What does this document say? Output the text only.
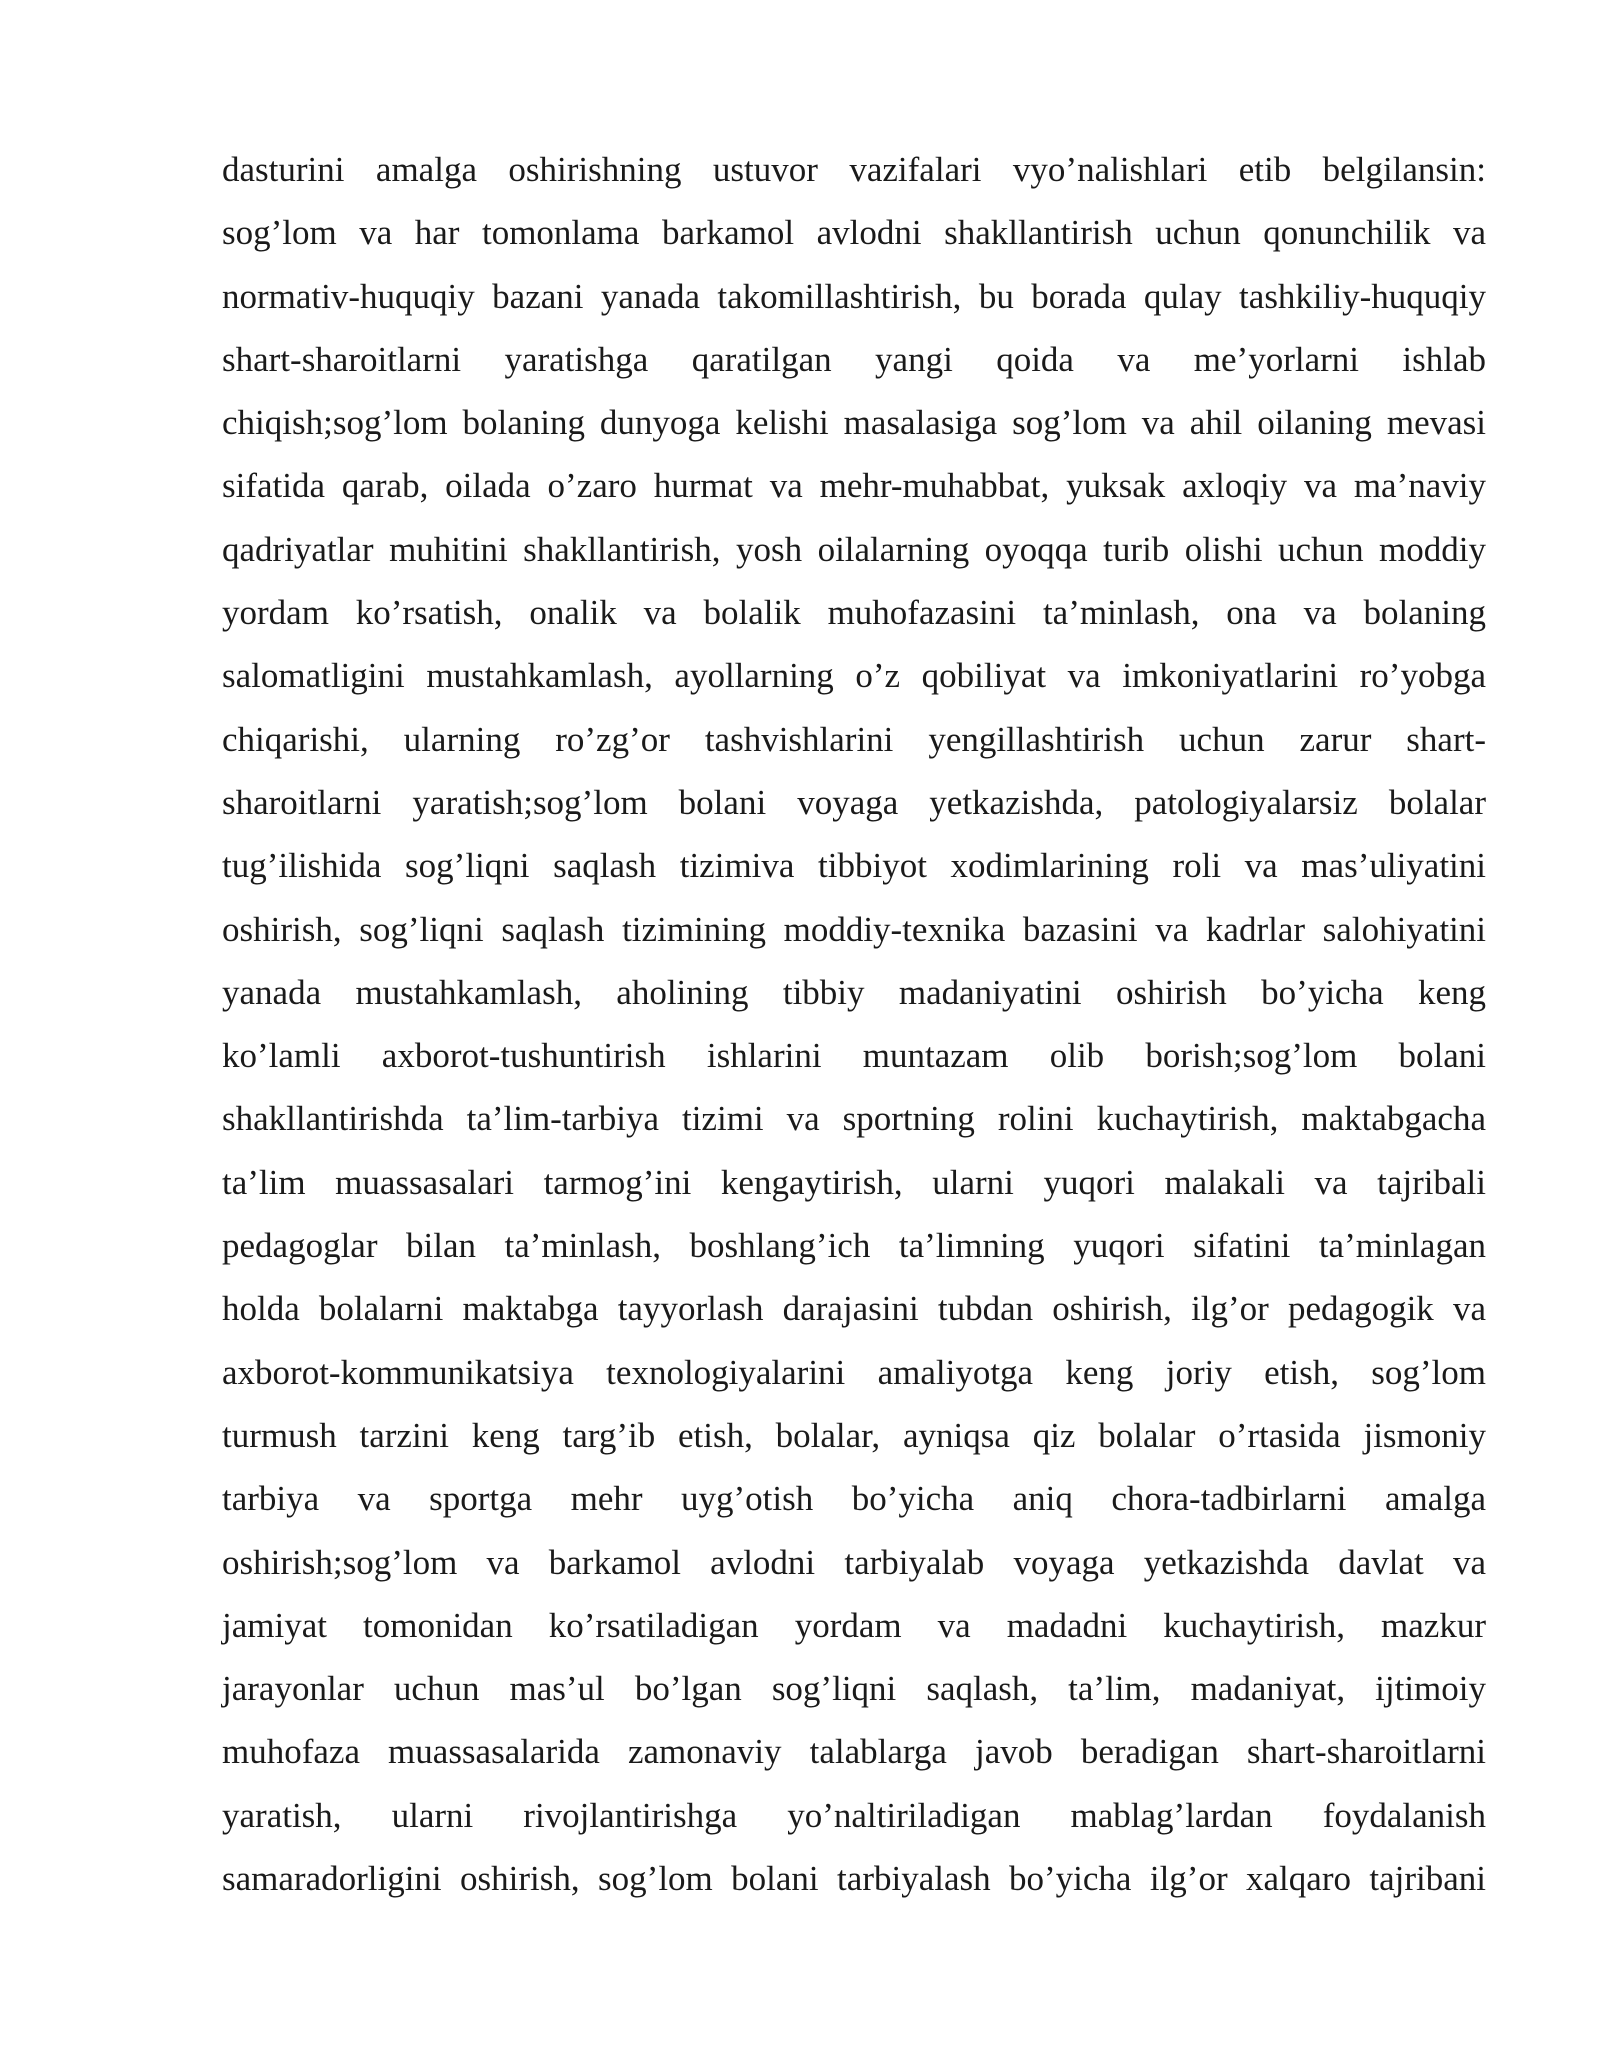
dasturini amalga oshirishning ustuvor vazifalari vyo’nalishlari etib belgilansin:
sog’lom va har tomonlama barkamol avlodni shakllantirish uchun qonunchilik va
normativ-huquqiy bazani yanada takomillashtirish, bu borada qulay tashkiliy-huquqiy
shart-sharoitlarni yaratishga qaratilgan yangi qoida va me’yorlarni ishlab
chiqish;sog’lom bolaning dunyoga kelishi masalasiga sog’lom va ahil oilaning mevasi
sifatida qarab, oilada o’zaro hurmat va mehr-muhabbat, yuksak axloqiy va ma’naviy
qadriyatlar muhitini shakllantirish, yosh oilalarning oyoqqa turib olishi uchun moddiy
yordam ko’rsatish, onalik va bolalik muhofazasini ta’minlash, ona va bolaning
salomatligini mustahkamlash, ayollarning o’z qobiliyat va imkoniyatlarini ro’yobga
chiqarishi, ularning ro’zg’or tashvishlarini yengillashtirish uchun zarur shart-
sharoitlarni yaratish;sog’lom bolani voyaga yetkazishda, patologiyalarsiz bolalar
tug’ilishida sog’liqni saqlash tizimiva tibbiyot xodimlarining roli va mas’uliyatini
oshirish, sog’liqni saqlash tizimining moddiy-texnika bazasini va kadrlar salohiyatini
yanada mustahkamlash, aholining tibbiy madaniyatini oshirish bo’yicha keng
ko’lamli axborot-tushuntirish ishlarini muntazam olib borish;sog’lom bolani
shakllantirishda ta’lim-tarbiya tizimi va sportning rolini kuchaytirish, maktabgacha
ta’lim muassasalari tarmog’ini kengaytirish, ularni yuqori malakali va tajribali
pedagoglar bilan ta’minlash, boshlang’ich ta’limning yuqori sifatini ta’minlagan
holda bolalarni maktabga tayyorlash darajasini tubdan oshirish, ilg’or pedagogik va
axborot-kommunikatsiya texnologiyalarini amaliyotga keng joriy etish, sog’lom
turmush tarzini keng targ’ib etish, bolalar, ayniqsa qiz bolalar o’rtasida jismoniy
tarbiya va sportga mehr uyg’otish bo’yicha aniq chora-tadbirlarni amalga
oshirish;sog’lom va barkamol avlodni tarbiyalab voyaga yetkazishda davlat va
jamiyat tomonidan ko’rsatiladigan yordam va madadni kuchaytirish, mazkur
jarayonlar uchun mas’ul bo’lgan sog’liqni saqlash, ta’lim, madaniyat, ijtimoiy
muhofaza muassasalarida zamonaviy talablarga javob beradigan shart-sharoitlarni
yaratish, ularni rivojlantirishga yo’naltiriladigan mablag’lardan foydalanish
samaradorligini oshirish, sog’lom bolani tarbiyalash bo’yicha ilg’or xalqaro tajribani
